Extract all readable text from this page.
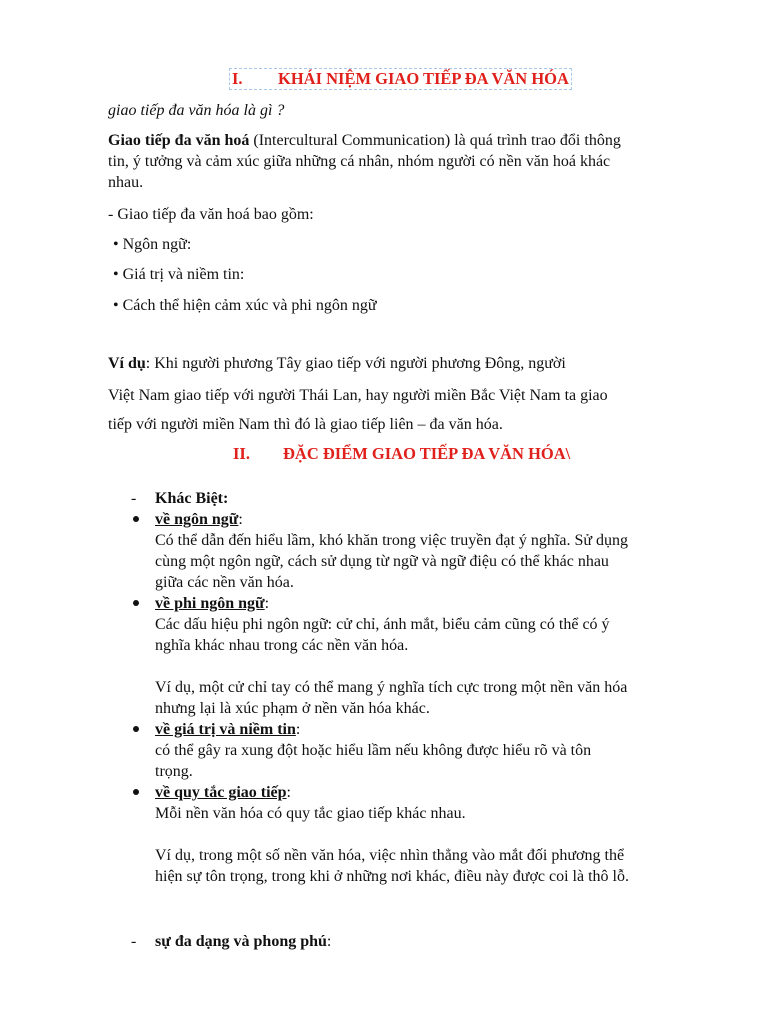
I. KHÁI NIỆM GIAO TIẾP ĐA VĂN HÓA
giao tiếp đa văn hóa là gì ?
Giao tiếp đa văn hoá (Intercultural Communication) là quá trình trao đổi thông
tin, ý tưởng và cảm xúc giữa những cá nhân, nhóm người có nền văn hoá khác
nhau.
- Giao tiếp đa văn hoá bao gồm:
• Ngôn ngữ:
• Giá trị và niềm tin:
• Cách thể hiện cảm xúc và phi ngôn ngữ
Ví dụ: Khi người phương Tây giao tiếp với người phương Đông, người
Việt Nam giao tiếp với người Thái Lan, hay người miền Bắc Việt Nam ta giao
tiếp với người miền Nam thì đó là giao tiếp liên – đa văn hóa.
II. ĐẶC ĐIỂM GIAO TIẾP ĐA VĂN HÓA\
- Khác Biệt:
về ngôn ngữ:
Có thể dẫn đến hiểu lầm, khó khăn trong việc truyền đạt ý nghĩa. Sử dụng
cùng một ngôn ngữ, cách sử dụng từ ngữ và ngữ điệu có thể khác nhau
giữa các nền văn hóa.
về phi ngôn ngữ:
Các dấu hiệu phi ngôn ngữ: cử chỉ, ánh mắt, biểu cảm cũng có thể có ý
nghĩa khác nhau trong các nền văn hóa.
Ví dụ, một cử chỉ tay có thể mang ý nghĩa tích cực trong một nền văn hóa
nhưng lại là xúc phạm ở nền văn hóa khác.
về giá trị và niềm tin:
có thể gây ra xung đột hoặc hiểu lầm nếu không được hiểu rõ và tôn
trọng.
về quy tắc giao tiếp:
Mỗi nền văn hóa có quy tắc giao tiếp khác nhau.
Ví dụ, trong một số nền văn hóa, việc nhìn thẳng vào mắt đối phương thể
hiện sự tôn trọng, trong khi ở những nơi khác, điều này được coi là thô lỗ.
- sự đa dạng và phong phú:
